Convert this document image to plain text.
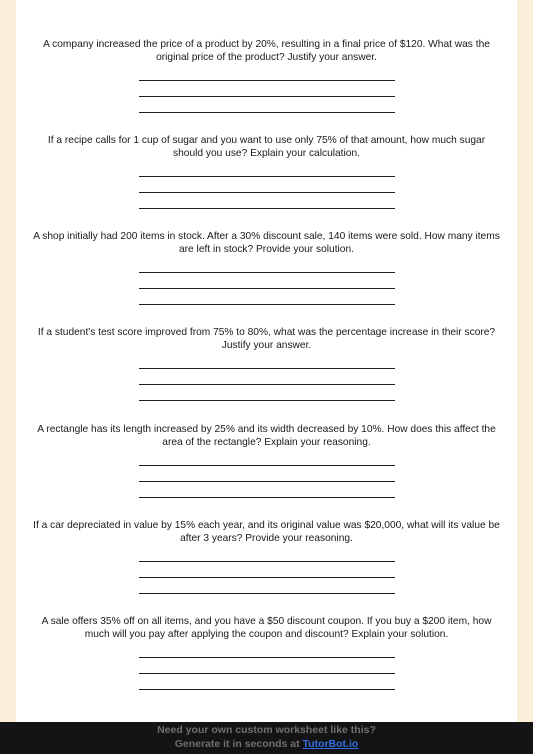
A company increased the price of a product by 20%, resulting in a final price of $120. What was the original price of the product? Justify your answer.

If a recipe calls for 1 cup of sugar and you want to use only 75% of that amount, how much sugar should you use? Explain your calculation.

A shop initially had 200 items in stock. After a 30% discount sale, 140 items were sold. How many items are left in stock? Provide your solution.

If a student's test score improved from 75% to 80%, what was the percentage increase in their score? Justify your answer.

A rectangle has its length increased by 25% and its width decreased by 10%. How does this affect the area of the rectangle? Explain your reasoning.

If a car depreciated in value by 15% each year, and its original value was $20,000, what will its value be after 3 years? Provide your reasoning.

A sale offers 35% off on all items, and you have a $50 discount coupon. If you buy a $200 item, how much will you pay after applying the coupon and discount? Explain your solution.

Need your own custom worksheet like this?
Generate it in seconds at TutorBot.io
